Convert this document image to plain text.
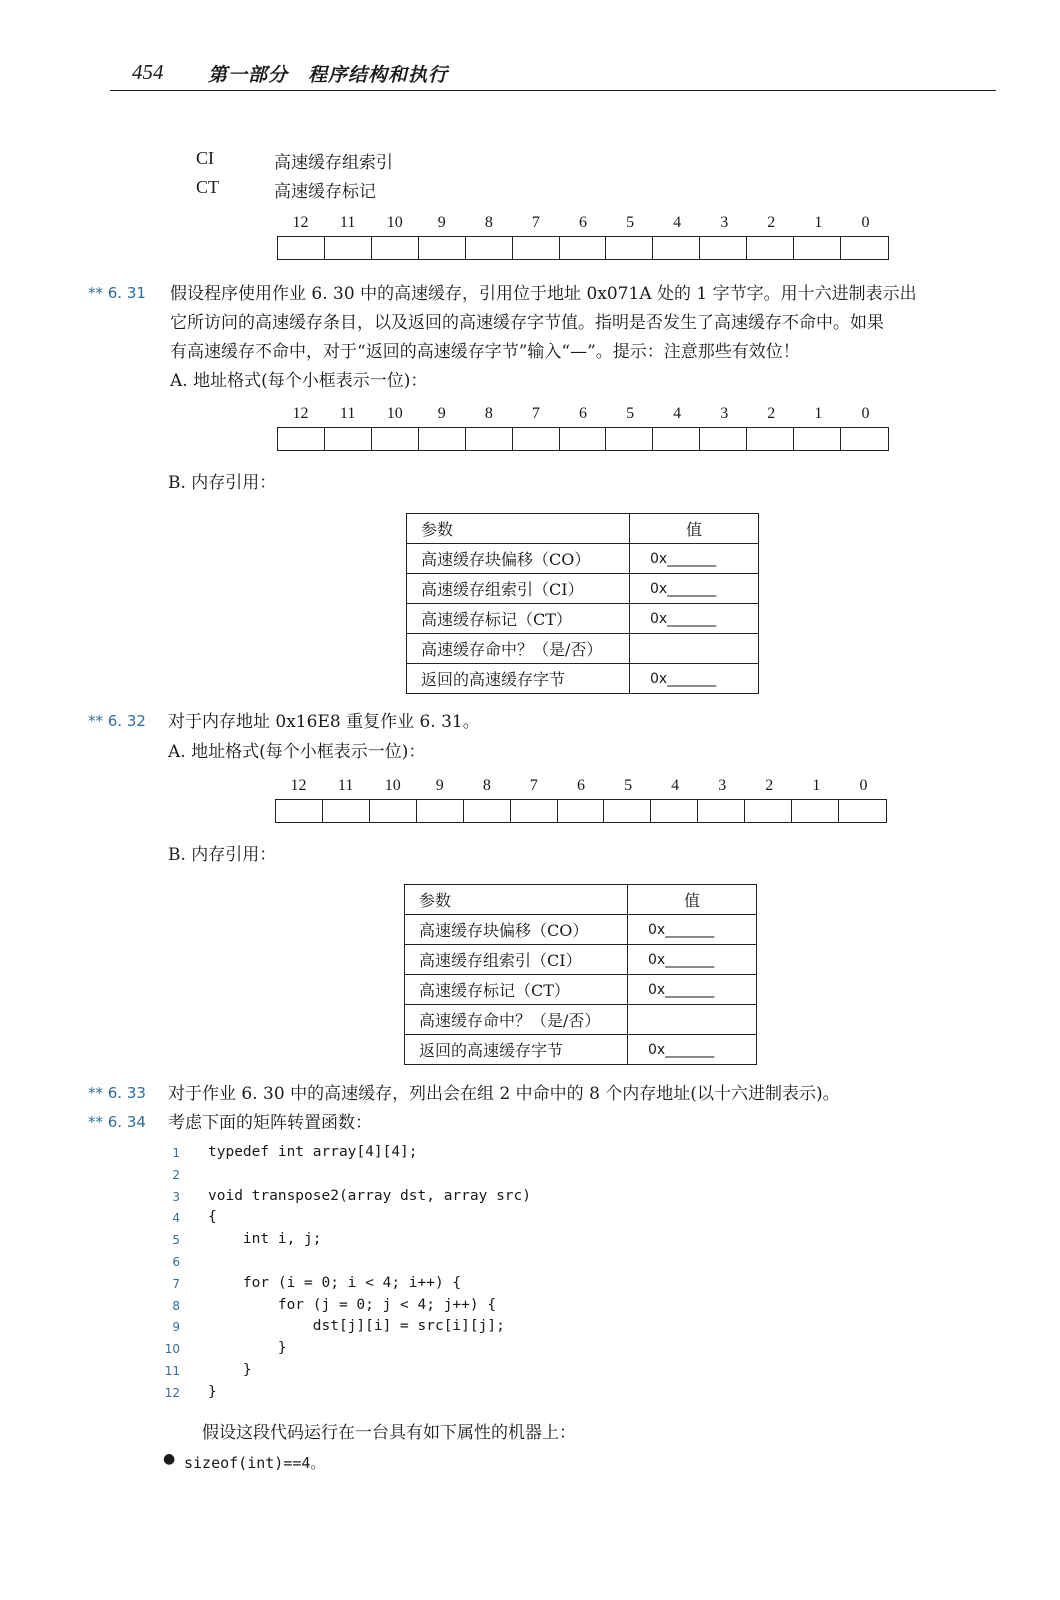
454 第一部分　程序结构和执行
CI	高速缓存组索引
CT	高速缓存标记
12	11	10	9	8	7	6	5	4	3	2	1	0
** 6. 31 假设程序使用作业 6. 30 中的高速缓存，引用位于地址 0x071A 处的 1 字节字。用十六进制表示出
它所访问的高速缓存条目，以及返回的高速缓存字节值。指明是否发生了高速缓存不命中。如果
有高速缓存不命中，对于“返回的高速缓存字节”输入“—”。提示：注意那些有效位！
A. 地址格式(每个小框表示一位)：
12	11	10	9	8	7	6	5	4	3	2	1	0
B. 内存引用：
参数	值
高速缓存块偏移（CO）	0x_______
高速缓存组索引（CI）	0x_______
高速缓存标记（CT）	0x_______
高速缓存命中？（是/否）	
返回的高速缓存字节	0x_______
** 6. 32 对于内存地址 0x16E8 重复作业 6. 31。
A. 地址格式(每个小框表示一位)：
12	11	10	9	8	7	6	5	4	3	2	1	0
B. 内存引用：
参数	值
高速缓存块偏移（CO）	0x_______
高速缓存组索引（CI）	0x_______
高速缓存标记（CT）	0x_______
高速缓存命中？（是/否）	
返回的高速缓存字节	0x_______
** 6. 33 对于作业 6. 30 中的高速缓存，列出会在组 2 中命中的 8 个内存地址(以十六进制表示)。
** 6. 34 考虑下面的矩阵转置函数：
1 typedef int array[4][4];
2
3 void transpose2(array dst, array src)
4 {
5 int i, j;
6
7 for (i = 0; i < 4; i++) {
8 for (j = 0; j < 4; j++) {
9 dst[j][i] = src[i][j];
10 }
11 }
12 }
假设这段代码运行在一台具有如下属性的机器上：
● sizeof(int)==4。
